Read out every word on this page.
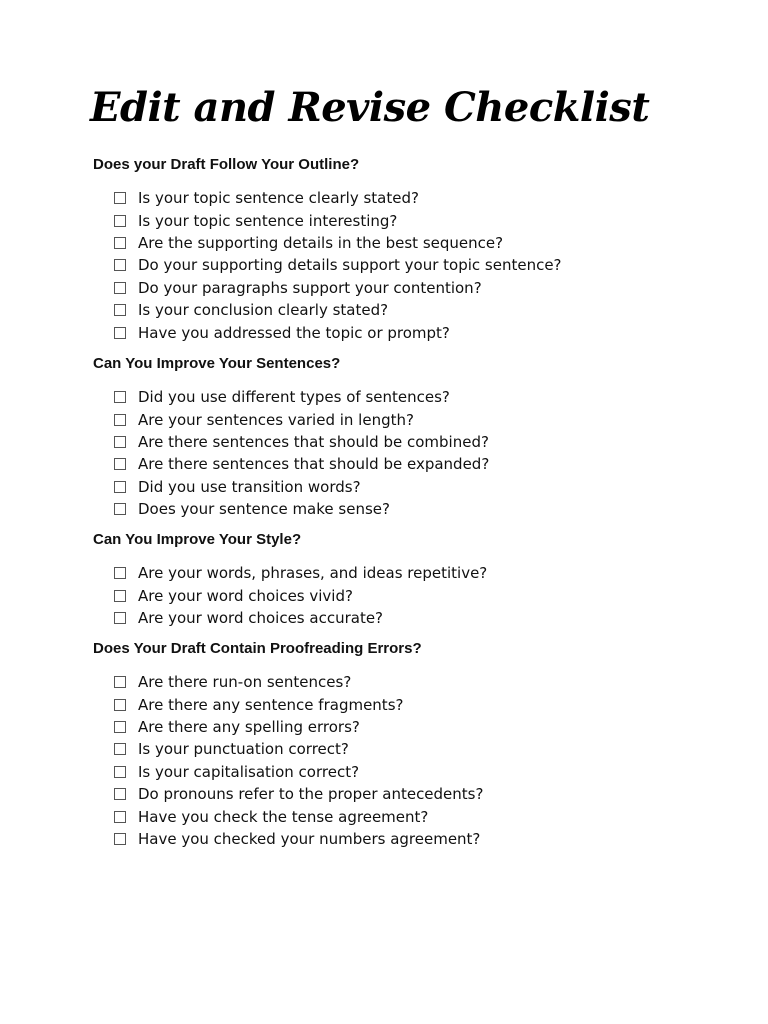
Edit and Revise Checklist
Does your Draft Follow Your Outline?
Is your topic sentence clearly stated?
Is your topic sentence interesting?
Are the supporting details in the best sequence?
Do your supporting details support your topic sentence?
Do your paragraphs support your contention?
Is your conclusion clearly stated?
Have you addressed the topic or prompt?
Can You Improve Your Sentences?
Did you use different types of sentences?
Are your sentences varied in length?
Are there sentences that should be combined?
Are there sentences that should be expanded?
Did you use transition words?
Does your sentence make sense?
Can You Improve Your Style?
Are your words, phrases, and ideas repetitive?
Are your word choices vivid?
Are your word choices accurate?
Does Your Draft Contain Proofreading Errors?
Are there run-on sentences?
Are there any sentence fragments?
Are there any spelling errors?
Is your punctuation correct?
Is your capitalisation correct?
Do pronouns refer to the proper antecedents?
Have you check the tense agreement?
Have you checked your numbers agreement?
